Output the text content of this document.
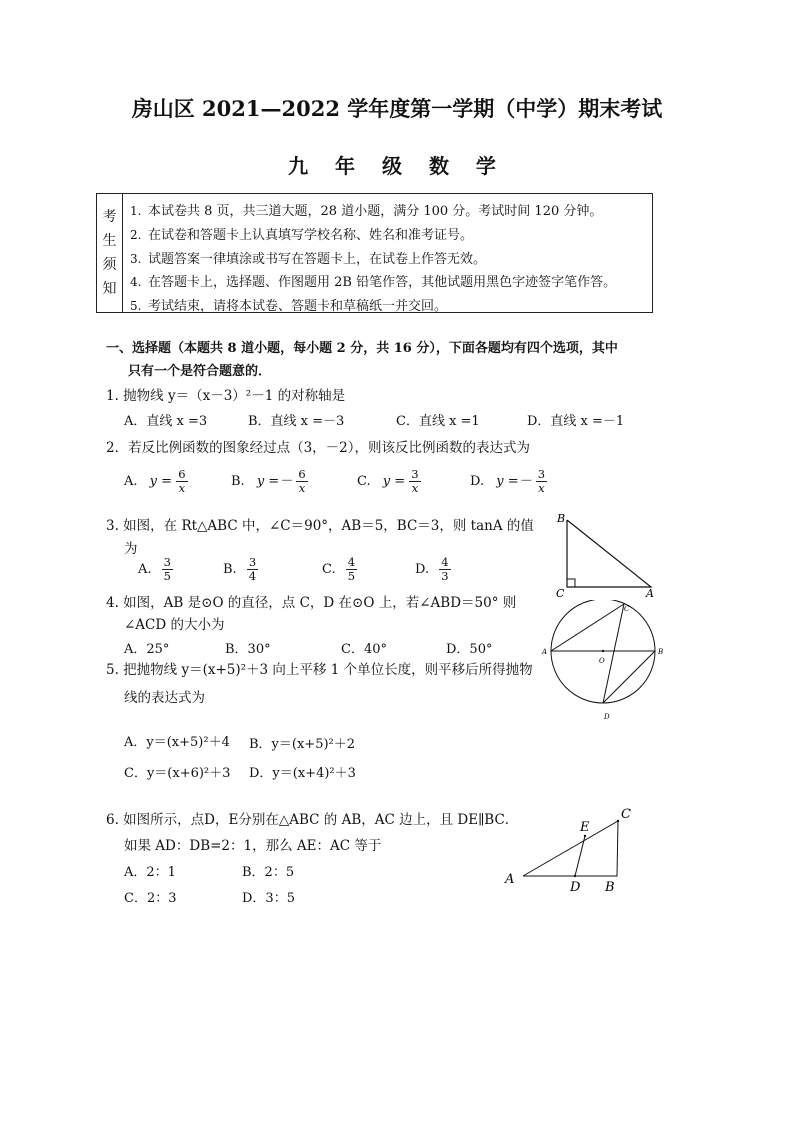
房山区 2021—2022 学年度第一学期（中学）期末考试
九 年 级 数 学
考
生
须
知
1. 本试卷共 8 页，共三道大题，28 道小题，满分 100 分。考试时间 120 分钟。
2. 在试卷和答题卡上认真填写学校名称、姓名和准考证号。
3. 试题答案一律填涂或书写在答题卡上，在试卷上作答无效。
4. 在答题卡上，选择题、作图题用 2B 铅笔作答，其他试题用黑色字迹签字笔作答。
5. 考试结束，请将本试卷、答题卡和草稿纸一并交回。
一、选择题（本题共 8 道小题，每小题 2 分，共 16 分），下面各题均有四个选项，其中
只有一个是符合题意的．
1. 抛物线 y＝（x－3）²－1 的对称轴是
A．直线 x =3	B．直线 x =－3	C．直线 x =1	D．直线 x =－1
2．若反比例函数的图象经过点（3，－2），则该反比例函数的表达式为
A. $y = \frac{6}{x}$	B. $y =- \frac{6}{x}$	C. $y = \frac{3}{x}$	D. $y =- \frac{3}{x}$
3. 如图，在 Rt△ABC 中，∠C＝90°，AB＝5，BC＝3，则 tanA 的值
为
A. $\frac{3}{5}$	B. $\frac{3}{4}$	C. $\frac{4}{5}$	D. $\frac{4}{3}$
B
C	A
4. 如图，AB 是⊙O 的直径，点 C，D 在⊙O 上，若∠ABD＝50° 则
∠ACD 的大小为
A．25°	B．30°	C．40°	D．50°	A	B
C
D
O
5. 把抛物线 y＝(x+5)²＋3 向上平移 1 个单位长度，则平移后所得抛物
线的表达式为
A．y＝(x+5)²＋4 B．y＝(x+5)²＋2
C．y＝(x+6)²＋3 D．y＝(x+4)²＋3
6. 如图所示，点D，E分别在△ABC 的 AB，AC 边上，且 DE∥BC．
如果 AD：DB=2：1，那么 AE：AC 等于
A．2：1	B．2：5
C．2：3	D．3：5
A
B
C
D
E
